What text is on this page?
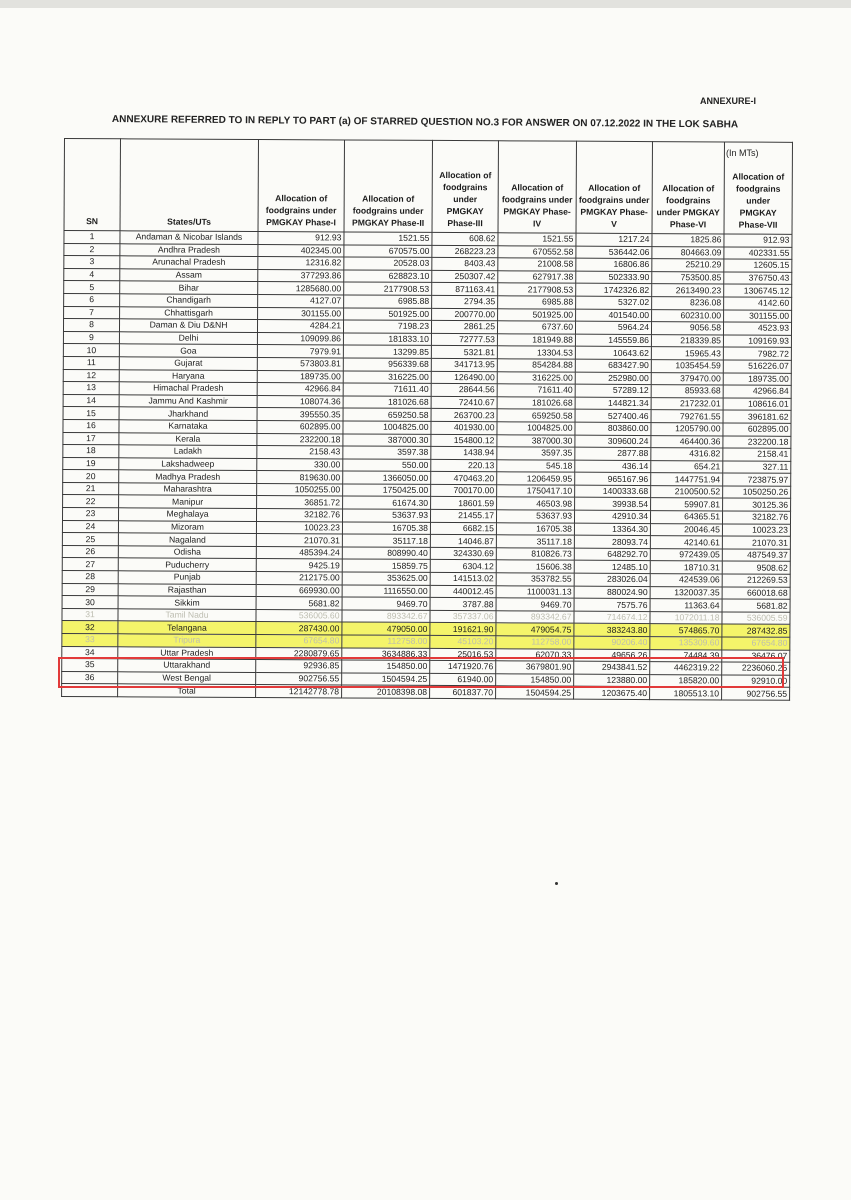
ANNEXURE-I
ANNEXURE REFERRED TO IN REPLY TO PART (a) OF STARRED QUESTION NO.3 FOR ANSWER ON 07.12.2022 IN THE LOK SABHA
(In MTs)
SN	States/UTs	Allocation of foodgrains under PMGKAY Phase-I	Allocation of foodgrains under PMGKAY Phase-II	Allocation of foodgrains under PMGKAY Phase-III	Allocation of foodgrains under PMGKAY Phase-IV	Allocation of foodgrains under PMGKAY Phase-V	Allocation of foodgrains under PMGKAY Phase-VI	Allocation of foodgrains under PMGKAY Phase-VII
1	Andaman & Nicobar Islands	912.93	1521.55	608.62	1521.55	1217.24	1825.86	912.93
2	Andhra Pradesh	402345.00	670575.00	268223.23	670552.58	536442.06	804663.09	402331.55
3	Arunachal Pradesh	12316.82	20528.03	8403.43	21008.58	16806.86	25210.29	12605.15
4	Assam	377293.86	628823.10	250307.42	627917.38	502333.90	753500.85	376750.43
5	Bihar	1285680.00	2177908.53	871163.41	2177908.53	1742326.82	2613490.23	1306745.12
6	Chandigarh	4127.07	6985.88	2794.35	6985.88	5327.02	8236.08	4142.60
7	Chhattisgarh	301155.00	501925.00	200770.00	501925.00	401540.00	602310.00	301155.00
8	Daman & Diu D&NH	4284.21	7198.23	2861.25	6737.60	5964.24	9056.58	4523.93
9	Delhi	109099.86	181833.10	72777.53	181949.88	145559.86	218339.85	109169.93
10	Goa	7979.91	13299.85	5321.81	13304.53	10643.62	15965.43	7982.72
11	Gujarat	573803.81	956339.68	341713.95	854284.88	683427.90	1035454.59	516226.07
12	Haryana	189735.00	316225.00	126490.00	316225.00	252980.00	379470.00	189735.00
13	Himachal Pradesh	42966.84	71611.40	28644.56	71611.40	57289.12	85933.68	42966.84
14	Jammu And Kashmir	108074.36	181026.68	72410.67	181026.68	144821.34	217232.01	108616.01
15	Jharkhand	395550.35	659250.58	263700.23	659250.58	527400.46	792761.55	396181.62
16	Karnataka	602895.00	1004825.00	401930.00	1004825.00	803860.00	1205790.00	602895.00
17	Kerala	232200.18	387000.30	154800.12	387000.30	309600.24	464400.36	232200.18
18	Ladakh	2158.43	3597.38	1438.94	3597.35	2877.88	4316.82	2158.41
19	Lakshadweep	330.00	550.00	220.13	545.18	436.14	654.21	327.11
20	Madhya Pradesh	819630.00	1366050.00	470463.20	1206459.95	965167.96	1447751.94	723875.97
21	Maharashtra	1050255.00	1750425.00	700170.00	1750417.10	1400333.68	2100500.52	1050250.26
22	Manipur	36851.72	61674.30	18601.59	46503.98	39938.54	59907.81	30125.36
23	Meghalaya	32182.76	53637.93	21455.17	53637.93	42910.34	64365.51	32182.76
24	Mizoram	10023.23	16705.38	6682.15	16705.38	13364.30	20046.45	10023.23
25	Nagaland	21070.31	35117.18	14046.87	35117.18	28093.74	42140.61	21070.31
26	Odisha	485394.24	808990.40	324330.69	810826.73	648292.70	972439.05	487549.37
27	Puducherry	9425.19	15859.75	6304.12	15606.38	12485.10	18710.31	9508.62
28	Punjab	212175.00	353625.00	141513.02	353782.55	283026.04	424539.06	212269.53
29	Rajasthan	669930.00	1116550.00	440012.45	1100031.13	880024.90	1320037.35	660018.68
30	Sikkim	5681.82	9469.70	3787.88	9469.70	7575.76	11363.64	5681.82
31	Tamil Nadu	536005.60	893342.67	357337.06	893342.67	714674.12	1072011.18	536005.59
32	Telangana	287430.00	479050.00	191621.90	479054.75	383243.80	574865.70	287432.85
33	Tripura	67654.80	112758.00	45103.20	112758.00	90206.40	135309.60	67654.80
34	Uttar Pradesh	2280879.65	3634886.33	25016.53	62070.33	49656.26	74484.39	36476.07
35	Uttarakhand	92936.85	154850.00	1471920.76	3679801.90	2943841.52	4462319.22	2236060.25
36	West Bengal	902756.55	1504594.25	61940.00	154850.00	123880.00	185820.00	92910.00
	Total	12142778.78	20108398.08	601837.70	1504594.25	1203675.40	1805513.10	902756.55
